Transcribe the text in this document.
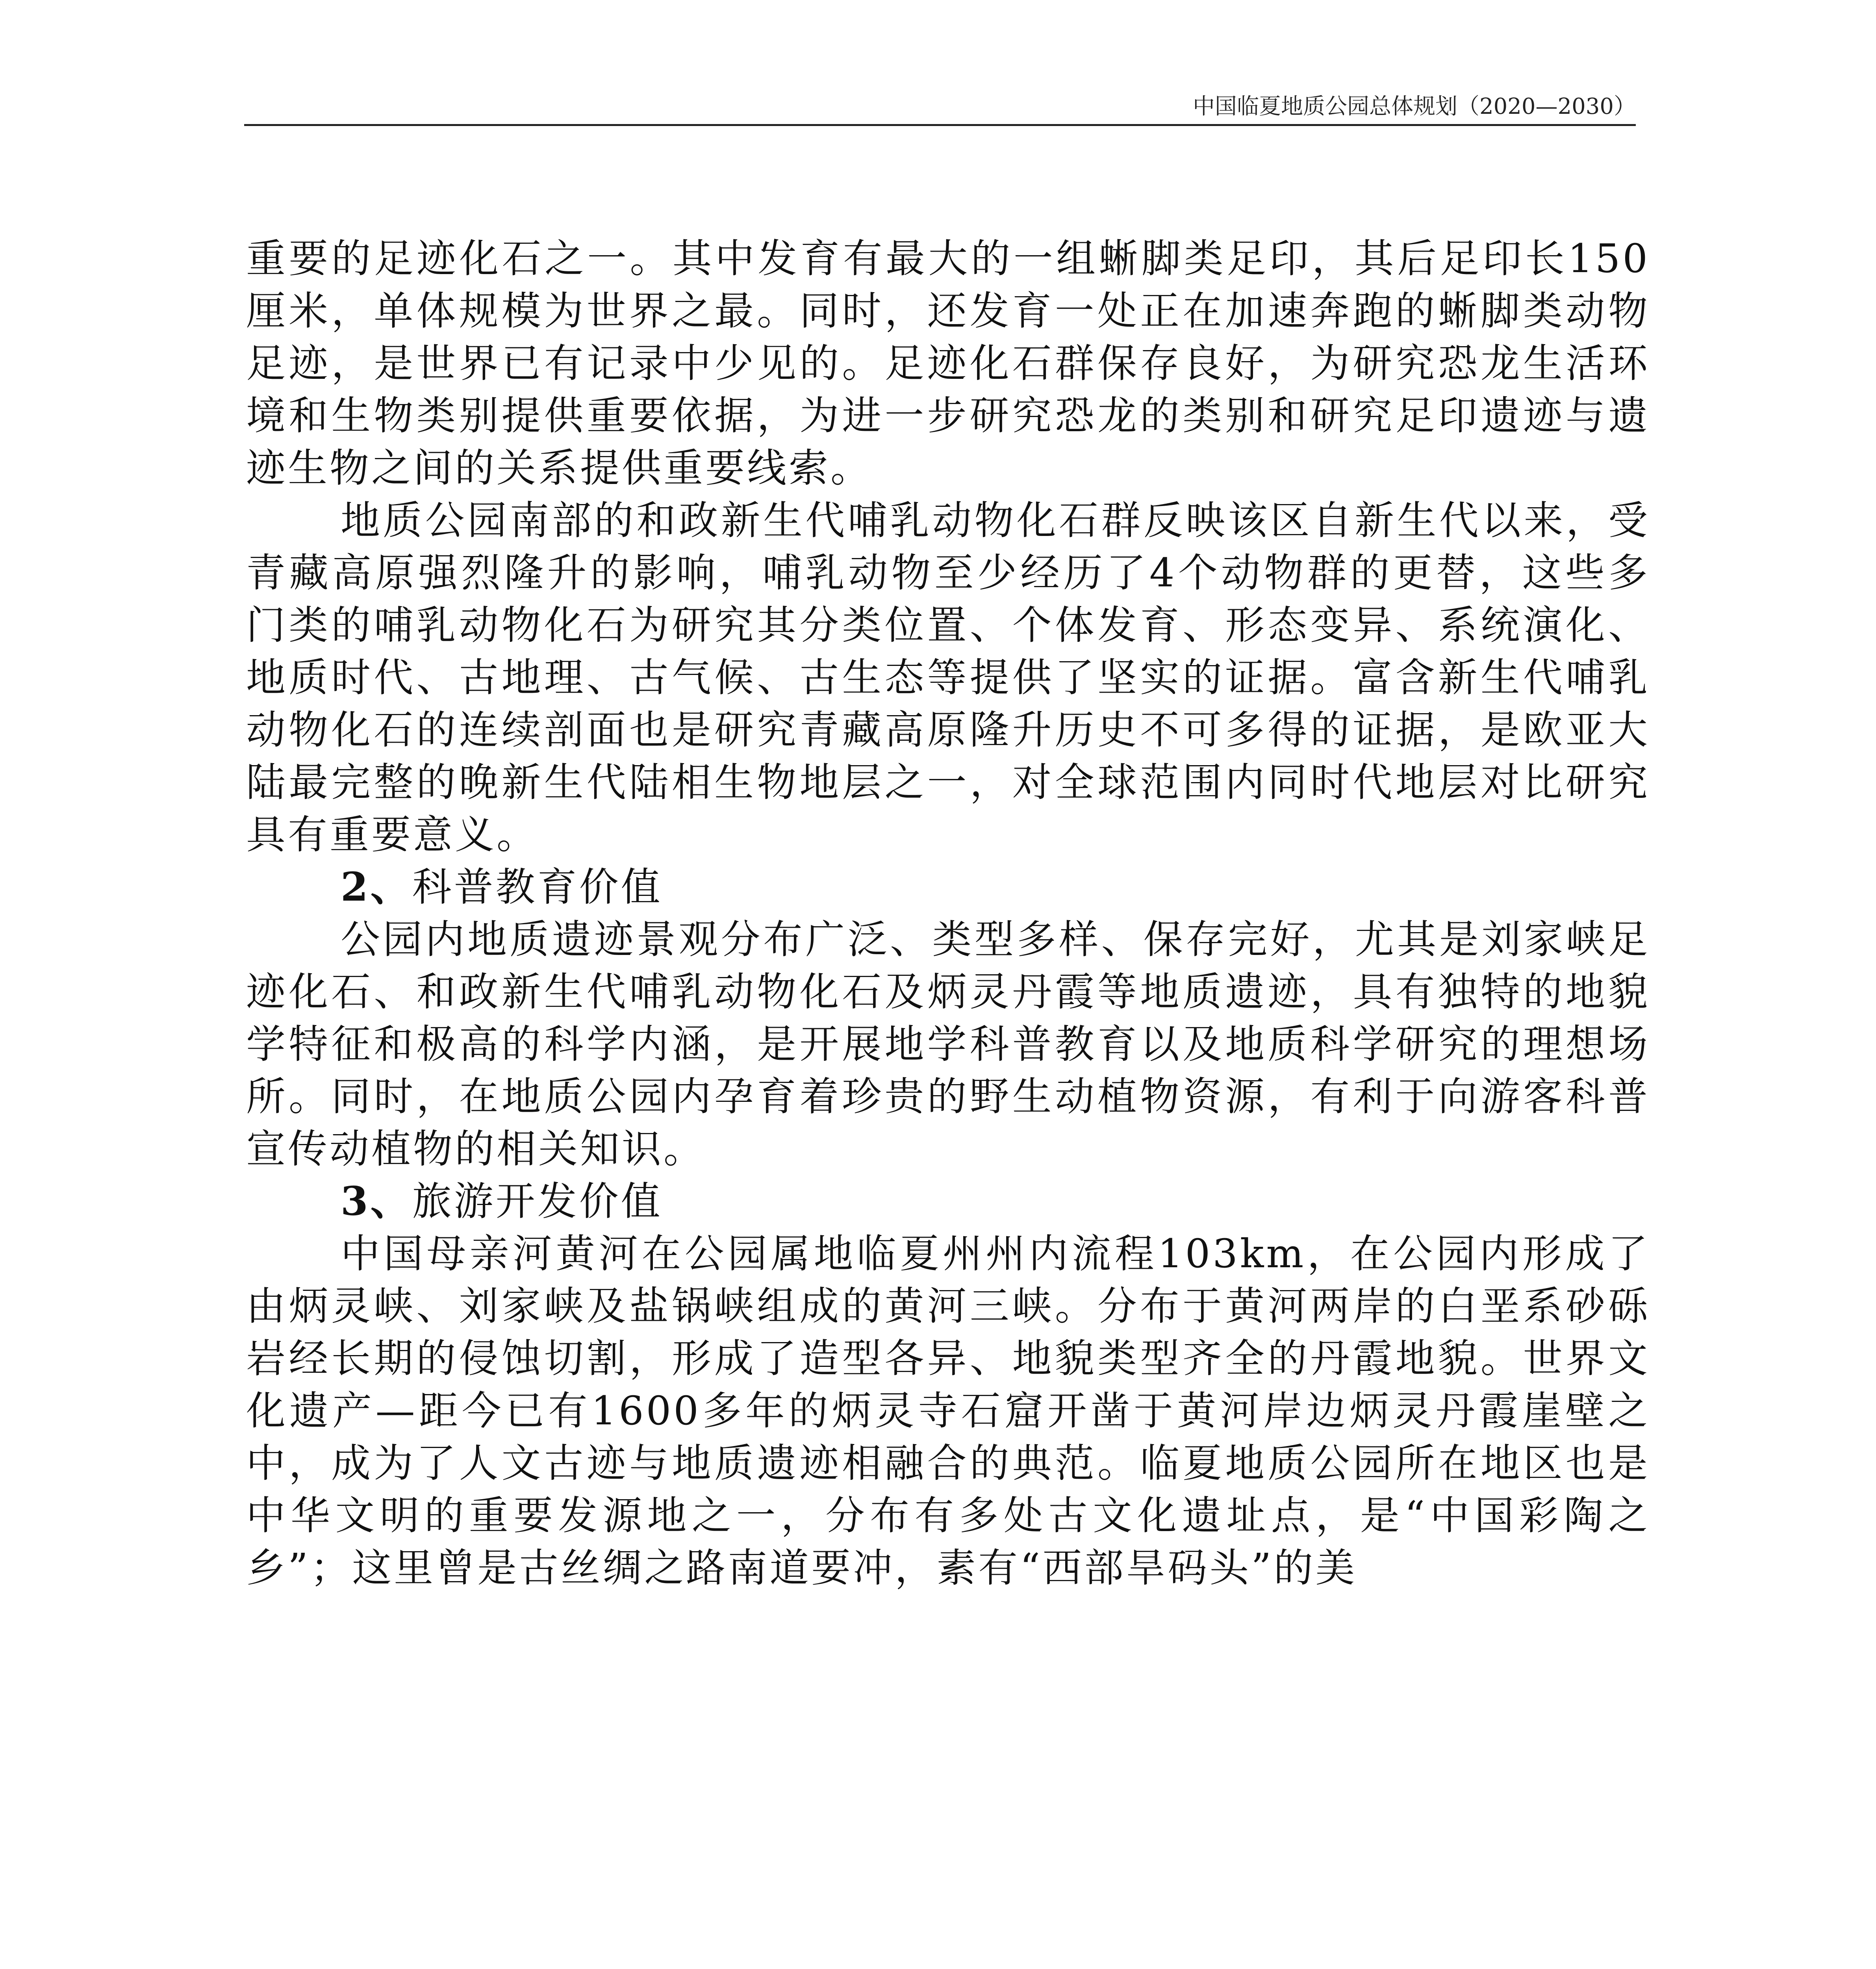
中国临夏地质公园总体规划（2020—2030）

重要的足迹化石之一。其中发育有最大的一组蜥脚类足印，其后足印长150厘米，单体规模为世界之最。同时，还发育一处正在加速奔跑的蜥脚类动物足迹，是世界已有记录中少见的。足迹化石群保存良好，为研究恐龙生活环境和生物类别提供重要依据，为进一步研究恐龙的类别和研究足印遗迹与遗迹生物之间的关系提供重要线索。

地质公园南部的和政新生代哺乳动物化石群反映该区自新生代以来，受青藏高原强烈隆升的影响，哺乳动物至少经历了4个动物群的更替，这些多门类的哺乳动物化石为研究其分类位置、个体发育、形态变异、系统演化、地质时代、古地理、古气候、古生态等提供了坚实的证据。富含新生代哺乳动物化石的连续剖面也是研究青藏高原隆升历史不可多得的证据，是欧亚大陆最完整的晚新生代陆相生物地层之一，对全球范围内同时代地层对比研究具有重要意义。

2、科普教育价值

公园内地质遗迹景观分布广泛、类型多样、保存完好，尤其是刘家峡足迹化石、和政新生代哺乳动物化石及炳灵丹霞等地质遗迹，具有独特的地貌学特征和极高的科学内涵，是开展地学科普教育以及地质科学研究的理想场所。同时，在地质公园内孕育着珍贵的野生动植物资源，有利于向游客科普宣传动植物的相关知识。

3、旅游开发价值

中国母亲河黄河在公园属地临夏州州内流程103km，在公园内形成了由炳灵峡、刘家峡及盐锅峡组成的黄河三峡。分布于黄河两岸的白垩系砂砾岩经长期的侵蚀切割，形成了造型各异、地貌类型齐全的丹霞地貌。世界文化遗产—距今已有1600多年的炳灵寺石窟开凿于黄河岸边炳灵丹霞崖壁之中，成为了人文古迹与地质遗迹相融合的典范。临夏地质公园所在地区也是中华文明的重要发源地之一，分布有多处古文化遗址点，是“中国彩陶之乡”；这里曾是古丝绸之路南道要冲，素有“西部旱码头”的美
